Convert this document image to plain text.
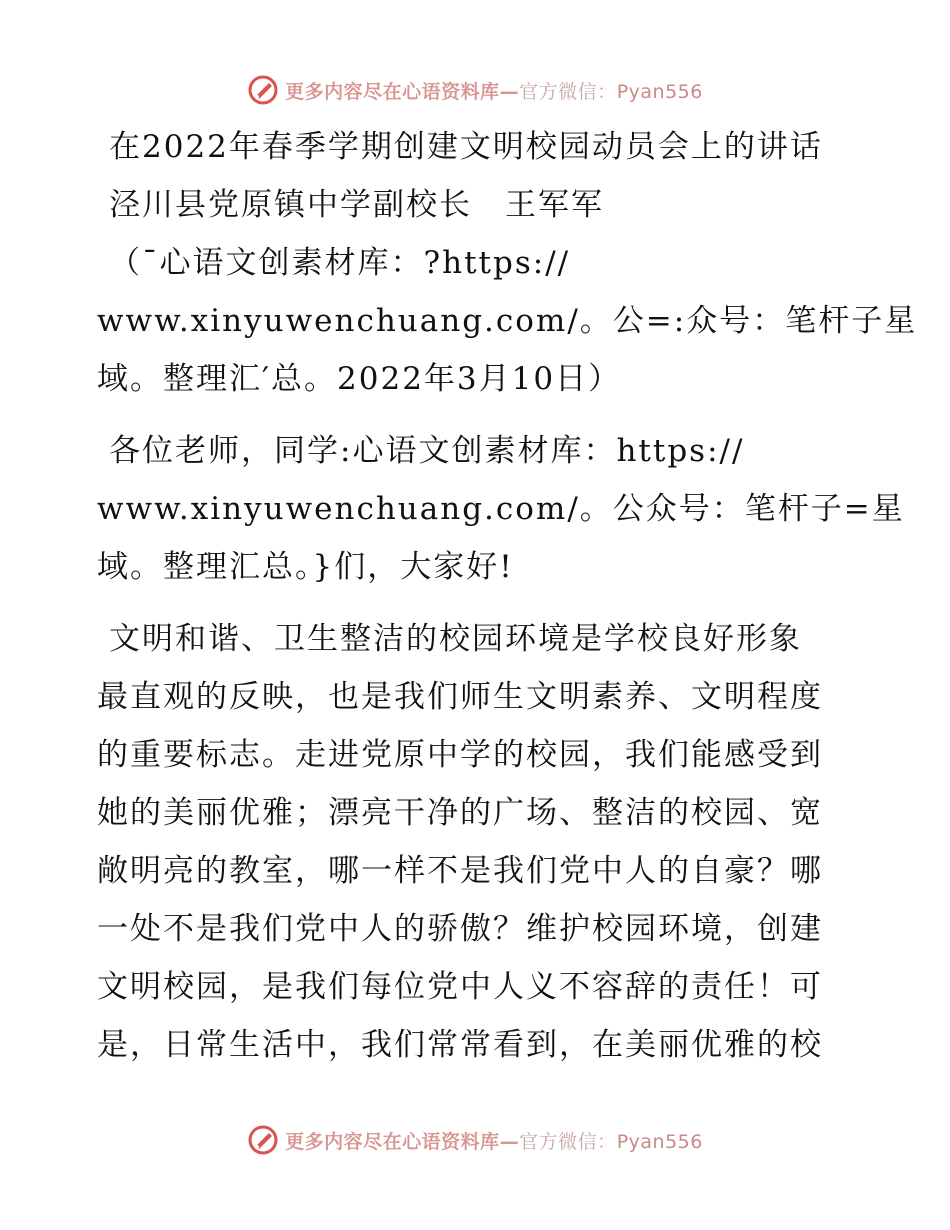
更多内容尽在心语资料库—官方微信：Pyan556
在2022年春季学期创建文明校园动员会上的讲话
泾川县党原镇中学副校长　王军军
（¯心语文创素材库：?https://
www.xinyuwenchuang.com/。公=:众号：笔杆子星
域。整理汇′总。2022年3月10日）
各位老师，同学:心语文创素材库：https://
www.xinyuwenchuang.com/。公众号：笔杆子=星
域。整理汇总。}们，大家好!
文明和谐、卫生整洁的校园环境是学校良好形象
最直观的反映，也是我们师生文明素养、文明程度
的重要标志。走进党原中学的校园，我们能感受到
她的美丽优雅；漂亮干净的广场、整洁的校园、宽
敞明亮的教室，哪一样不是我们党中人的自豪？哪
一处不是我们党中人的骄傲？维护校园环境，创建
文明校园，是我们每位党中人义不容辞的责任！可
是，日常生活中，我们常常看到，在美丽优雅的校
更多内容尽在心语资料库—官方微信：Pyan556
